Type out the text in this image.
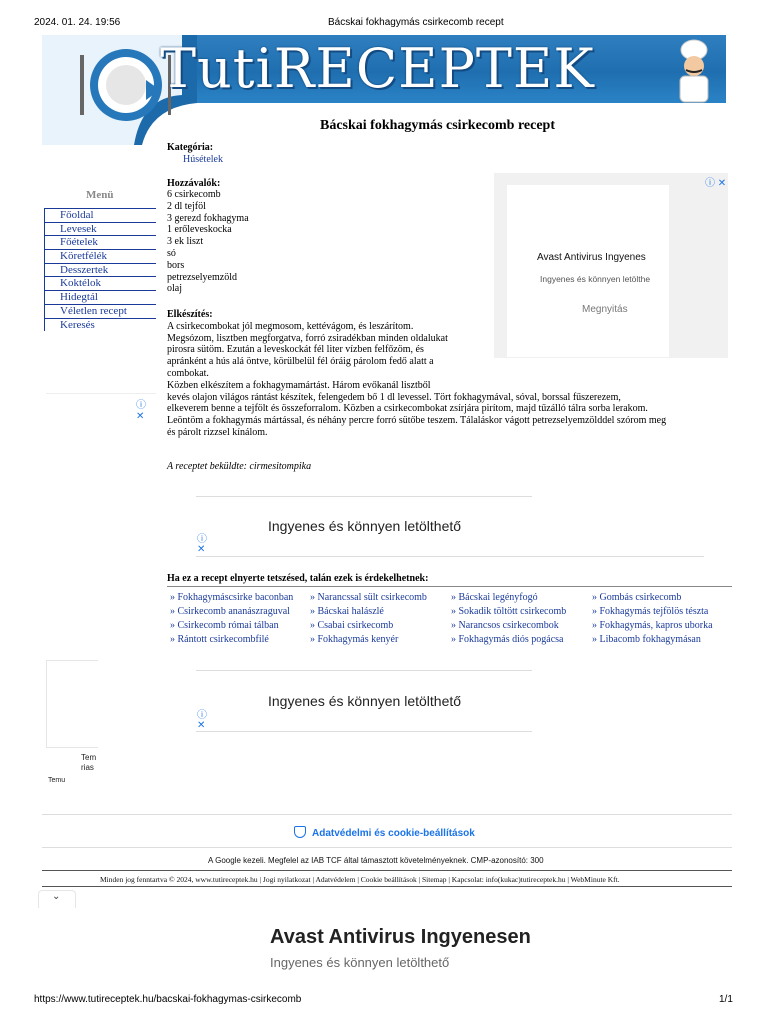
2024. 01. 24. 19:56	Bácskai fokhagymás csirkecomb recept
TutiRECEPTEK
Bácskai fokhagymás csirkecomb recept
Kategória:
Húsételek
Hozzávalók:
6 csirkecomb
2 dl tejföl
3 gerezd fokhagyma
1 erőleveskocka
3 ek liszt
só
bors
petrezselyemzöld
olaj
Elkészítés:
A csirkecombokat jól megmosom, kettévágom, és leszárítom.
Megsózom, lisztben megforgatva, forró zsiradékban minden oldalukat
pirosra sütöm. Ezután a leveskockát fél liter vízben felfőzöm, és
apránként a hús alá öntve, körülbelül fél óráig párolom fedő alatt a
combokat.
Közben elkészítem a fokhagymamártást. Három evőkanál lisztből
kevés olajon világos rántást készítek, felengedem bő 1 dl levessel. Tört fokhagymával, sóval, borssal fűszerezem,
elkeverem benne a tejfölt és összeforralom. Közben a csirkecombokat zsírjára pirítom, majd tűzálló tálra sorba lerakom.
Leöntöm a fokhagymás mártással, és néhány percre forró sütőbe teszem. Tálaláskor vágott petrezselyemzölddel szórom meg
és párolt rizzsel kínálom.
A receptet beküldte: cirmesitompika
Menü
Főoldal
Levesek
Főételek
Köretfélék
Desszertek
Koktélok
Hidegtál
Véletlen recept
Keresés
ⓘ ✕
Tem
rias
Temu
ⓘ ✕
Avast Antivirus Ingyenes
Ingyenes és könnyen letölthe
Megnyitás
Ingyenes és könnyen letölthető
ⓘ
✕
Ha ez a recept elnyerte tetszésed, talán ezek is érdekelhetnek:
» Fokhagymáscsirke baconban
» Csirkecomb ananászraguval
» Csirkecomb római tálban
» Rántott csirkecombfilé
» Narancssal sült csirkecomb
» Bácskai halászlé
» Csabai csirkecomb
» Fokhagymás kenyér
» Bácskai legényfogó
» Sokadik töltött csirkecomb
» Narancsos csirkecombok
» Fokhagymás diós pogácsa
» Gombás csirkecomb
» Fokhagymás tejfölös tészta
» Fokhagymás, kapros uborka
» Libacomb fokhagymásan
Ingyenes és könnyen letölthető
ⓘ
✕
Adatvédelmi és cookie-beállítások
A Google kezeli. Megfelel az IAB TCF által támasztott követelményeknek. CMP-azonosító: 300
Minden jog fenntartva © 2024, www.tutireceptek.hu | Jogi nyilatkozat | Adatvédelem | Cookie beállítások | Sitemap | Kapcsolat: info(kukac)tutireceptek.hu | WebMinute Kft.
⌄
Avast Antivirus Ingyenesen
Ingyenes és könnyen letölthető
https://www.tutireceptek.hu/bacskai-fokhagymas-csirkecomb	1/1
